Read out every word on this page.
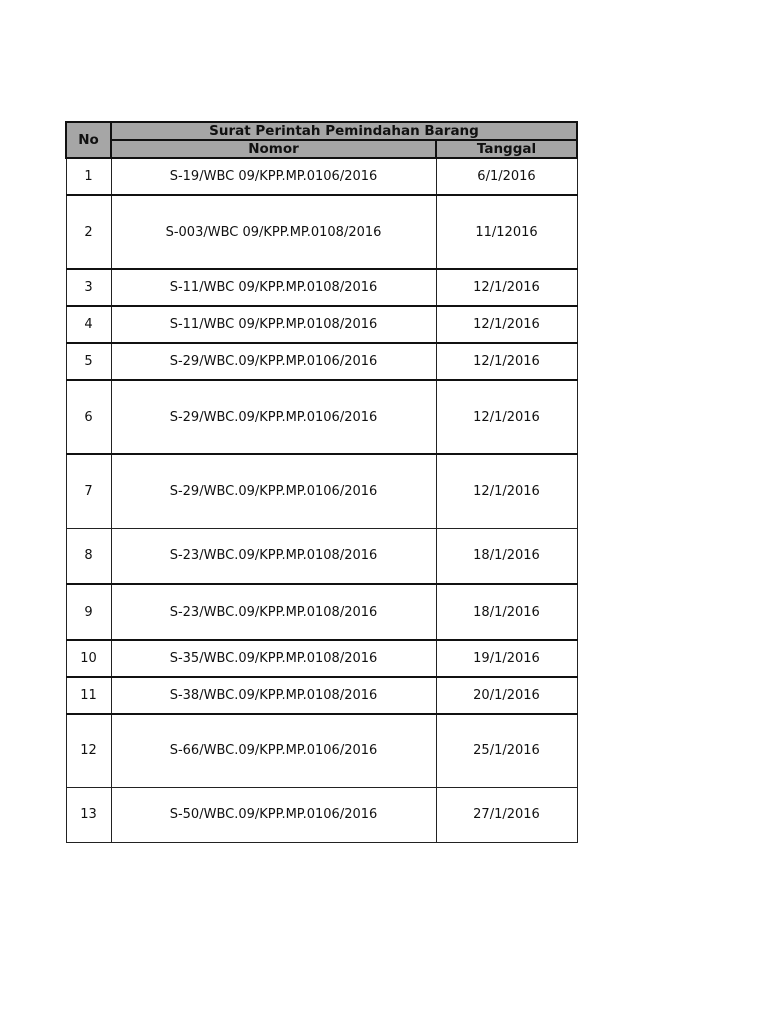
No	Surat Perintah Pemindahan Barang	
	Nomor	Tanggal
1	S-19/WBC 09/KPP.MP.0106/2016	6/1/2016
2	S-003/WBC 09/KPP.MP.0108/2016	11/12016
3	S-11/WBC 09/KPP.MP.0108/2016	12/1/2016
4	S-11/WBC 09/KPP.MP.0108/2016	12/1/2016
5	S-29/WBC.09/KPP.MP.0106/2016	12/1/2016
6	S-29/WBC.09/KPP.MP.0106/2016	12/1/2016
7	S-29/WBC.09/KPP.MP.0106/2016	12/1/2016
8	S-23/WBC.09/KPP.MP.0108/2016	18/1/2016
9	S-23/WBC.09/KPP.MP.0108/2016	18/1/2016
10	S-35/WBC.09/KPP.MP.0108/2016	19/1/2016
11	S-38/WBC.09/KPP.MP.0108/2016	20/1/2016
12	S-66/WBC.09/KPP.MP.0106/2016	25/1/2016
13	S-50/WBC.09/KPP.MP.0106/2016	27/1/2016
